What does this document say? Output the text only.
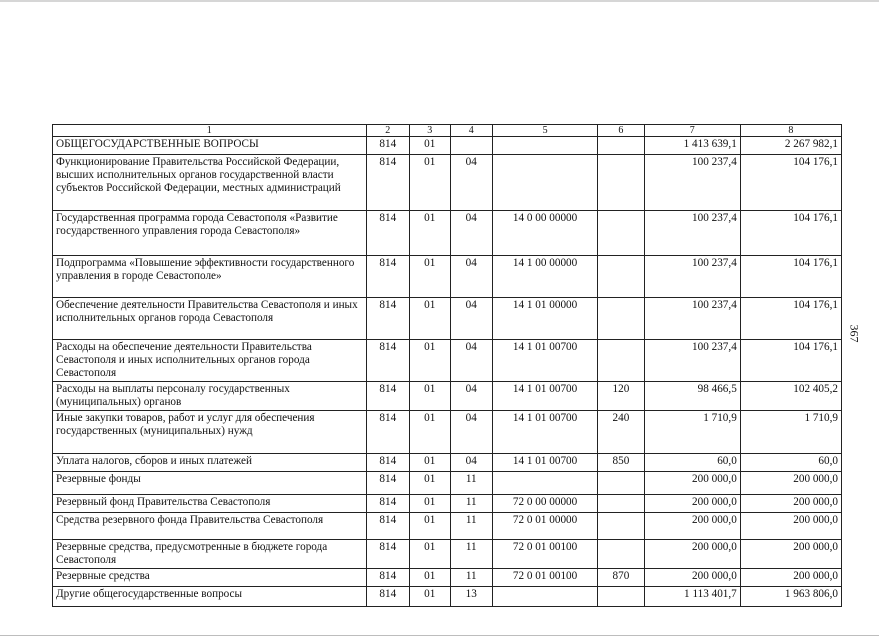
367
1	2	3	4	5	6	7	8
ОБЩЕГОСУДАРСТВЕННЫЕ ВОПРОСЫ	814	01				1 413 639,1	2 267 982,1
Функционирование Правительства Российской Федерации, высших исполнительных органов государственной власти субъектов Российской Федерации, местных администраций	814	01	04			100 237,4	104 176,1
Государственная программа города Севастополя «Развитие государственного управления города Севастополя»	814	01	04	14 0 00 00000		100 237,4	104 176,1
Подпрограмма «Повышение эффективности государственного управления в городе Севастополе»	814	01	04	14 1 00 00000		100 237,4	104 176,1
Обеспечение деятельности Правительства Севастополя и иных исполнительных органов города Севастополя	814	01	04	14 1 01 00000		100 237,4	104 176,1
Расходы на обеспечение деятельности Правительства Севастополя и иных исполнительных органов города Севастополя	814	01	04	14 1 01 00700		100 237,4	104 176,1
Расходы на выплаты персоналу государственных (муниципальных) органов	814	01	04	14 1 01 00700	120	98 466,5	102 405,2
Иные закупки товаров, работ и услуг для обеспечения государственных (муниципальных) нужд	814	01	04	14 1 01 00700	240	1 710,9	1 710,9
Уплата налогов, сборов и иных платежей	814	01	04	14 1 01 00700	850	60,0	60,0
Резервные фонды	814	01	11			200 000,0	200 000,0
Резервный фонд Правительства Севастополя	814	01	11	72 0 00 00000		200 000,0	200 000,0
Средства резервного фонда Правительства Севастополя	814	01	11	72 0 01 00000		200 000,0	200 000,0
Резервные средства, предусмотренные в бюджете города Севастополя	814	01	11	72 0 01 00100		200 000,0	200 000,0
Резервные средства	814	01	11	72 0 01 00100	870	200 000,0	200 000,0
Другие общегосударственные вопросы	814	01	13			1 113 401,7	1 963 806,0
